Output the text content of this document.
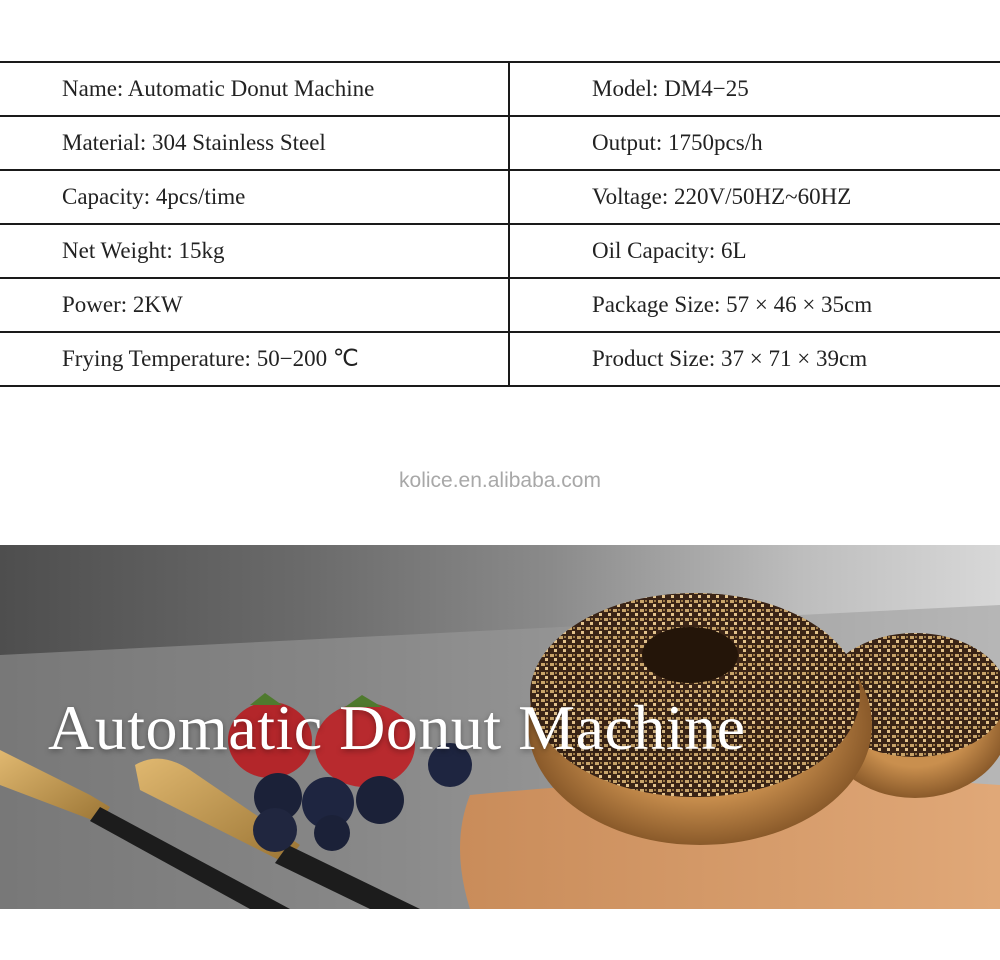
Name: Automatic Donut Machine	Model: DM4−25
Material: 304 Stainless Steel	Output: 1750pcs/h
Capacity: 4pcs/time	Voltage: 220V/50HZ~60HZ
Net Weight: 15kg	Oil Capacity: 6L
Power: 2KW	Package Size: 57 × 46 × 35cm
Frying Temperature: 50−200 ℃	Product Size: 37 × 71 × 39cm
kolice.en.alibaba.com
Automatic Donut Machine
